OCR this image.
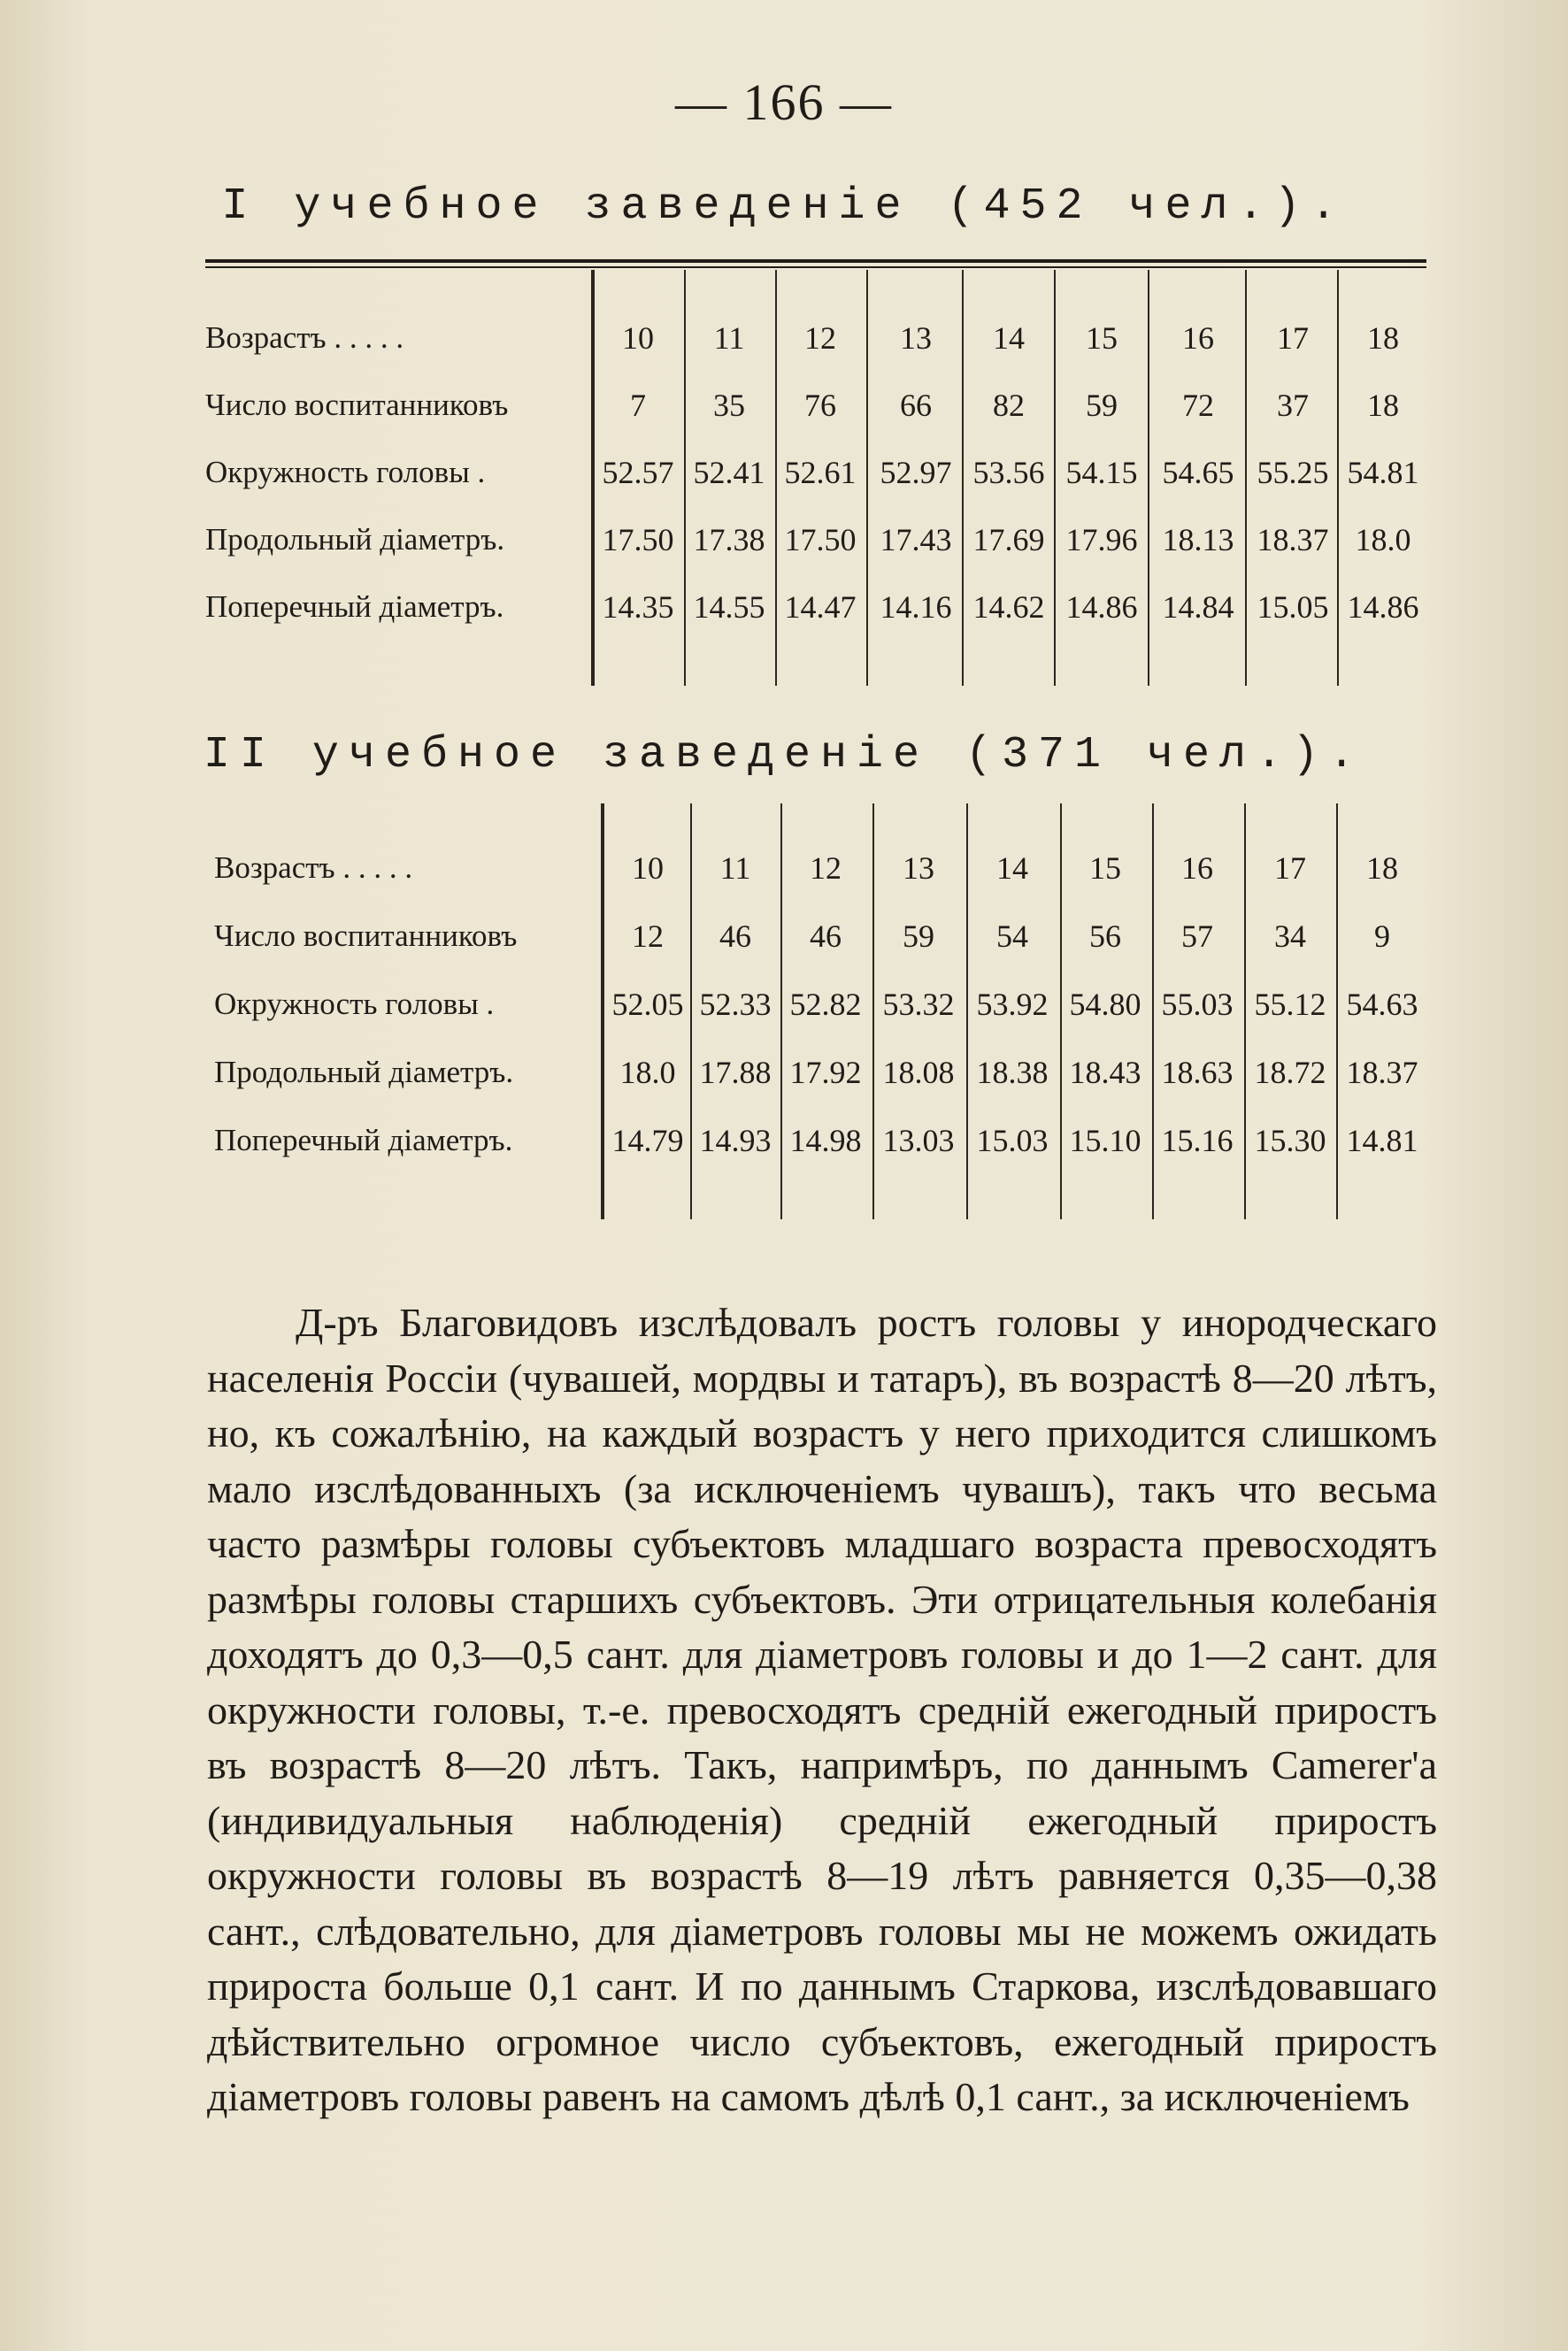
— 166 —
I учебное заведеніе (452 чел.).
Возрастъ . . . . .	10	11	12	13	14	15	16	17	18
Число воспитанниковъ	7	35	76	66	82	59	72	37	18
Окружность головы .	52.57 52.41 52.61 52.97 53.56 54.15 54.65 55.25 54.81
Продольный діаметръ.	17.50 17.38 17.50 17.43 17.69 17.96 18.13 18.37 18.0
Поперечный діаметръ.	14.35 14.55 14.47 14.16 14.62 14.86 14.84 15.05 14.86
II учебное заведеніе (371 чел.).
Возрастъ . . . . .	10	11	12	13	14	15	16	17	18
Число воспитанниковъ	12	46	46	59	54	56	57	34	9
Окружность головы .	52.05 52.33 52.82 53.32 53.92 54.80 55.03 55.12 54.63
Продольный діаметръ.	18.0 17.88 17.92 18.08 18.38 18.43 18.63 18.72 18.37
Поперечный діаметръ.	14.79 14.93 14.98 13.03 15.03 15.10 15.16 15.30 14.81

Д-ръ Благовидовъ изслѣдовалъ ростъ головы у инородческаго населенія Россіи (чувашей, мордвы и татаръ), въ возрастѣ 8—20 лѣтъ, но, къ сожалѣнію, на каждый возрастъ у него приходится слишкомъ мало изслѣдованныхъ (за исключеніемъ чувашъ), такъ что весьма часто размѣры головы субъектовъ младшаго возраста превосходятъ размѣры головы старшихъ субъектовъ. Эти отрицательныя колебанія доходятъ до 0,3—0,5 сант. для діаметровъ головы и до 1—2 сант. для окружности головы, т.-е. превосходятъ средній ежегодный приростъ въ возрастѣ 8—20 лѣтъ. Такъ, напримѣръ, по даннымъ Camerer'а (индивидуальныя наблюденія) средній ежегодный приростъ окружности головы въ возрастѣ 8—19 лѣтъ равняется 0,35—0,38 сант., слѣдовательно, для діаметровъ головы мы не можемъ ожидать прироста больше 0,1 сант. И по даннымъ Старкова, изслѣдовавшаго дѣйствительно огромное число субъектовъ, ежегодный приростъ діаметровъ головы равенъ на самомъ дѣлѣ 0,1 сант., за исключеніемъ
